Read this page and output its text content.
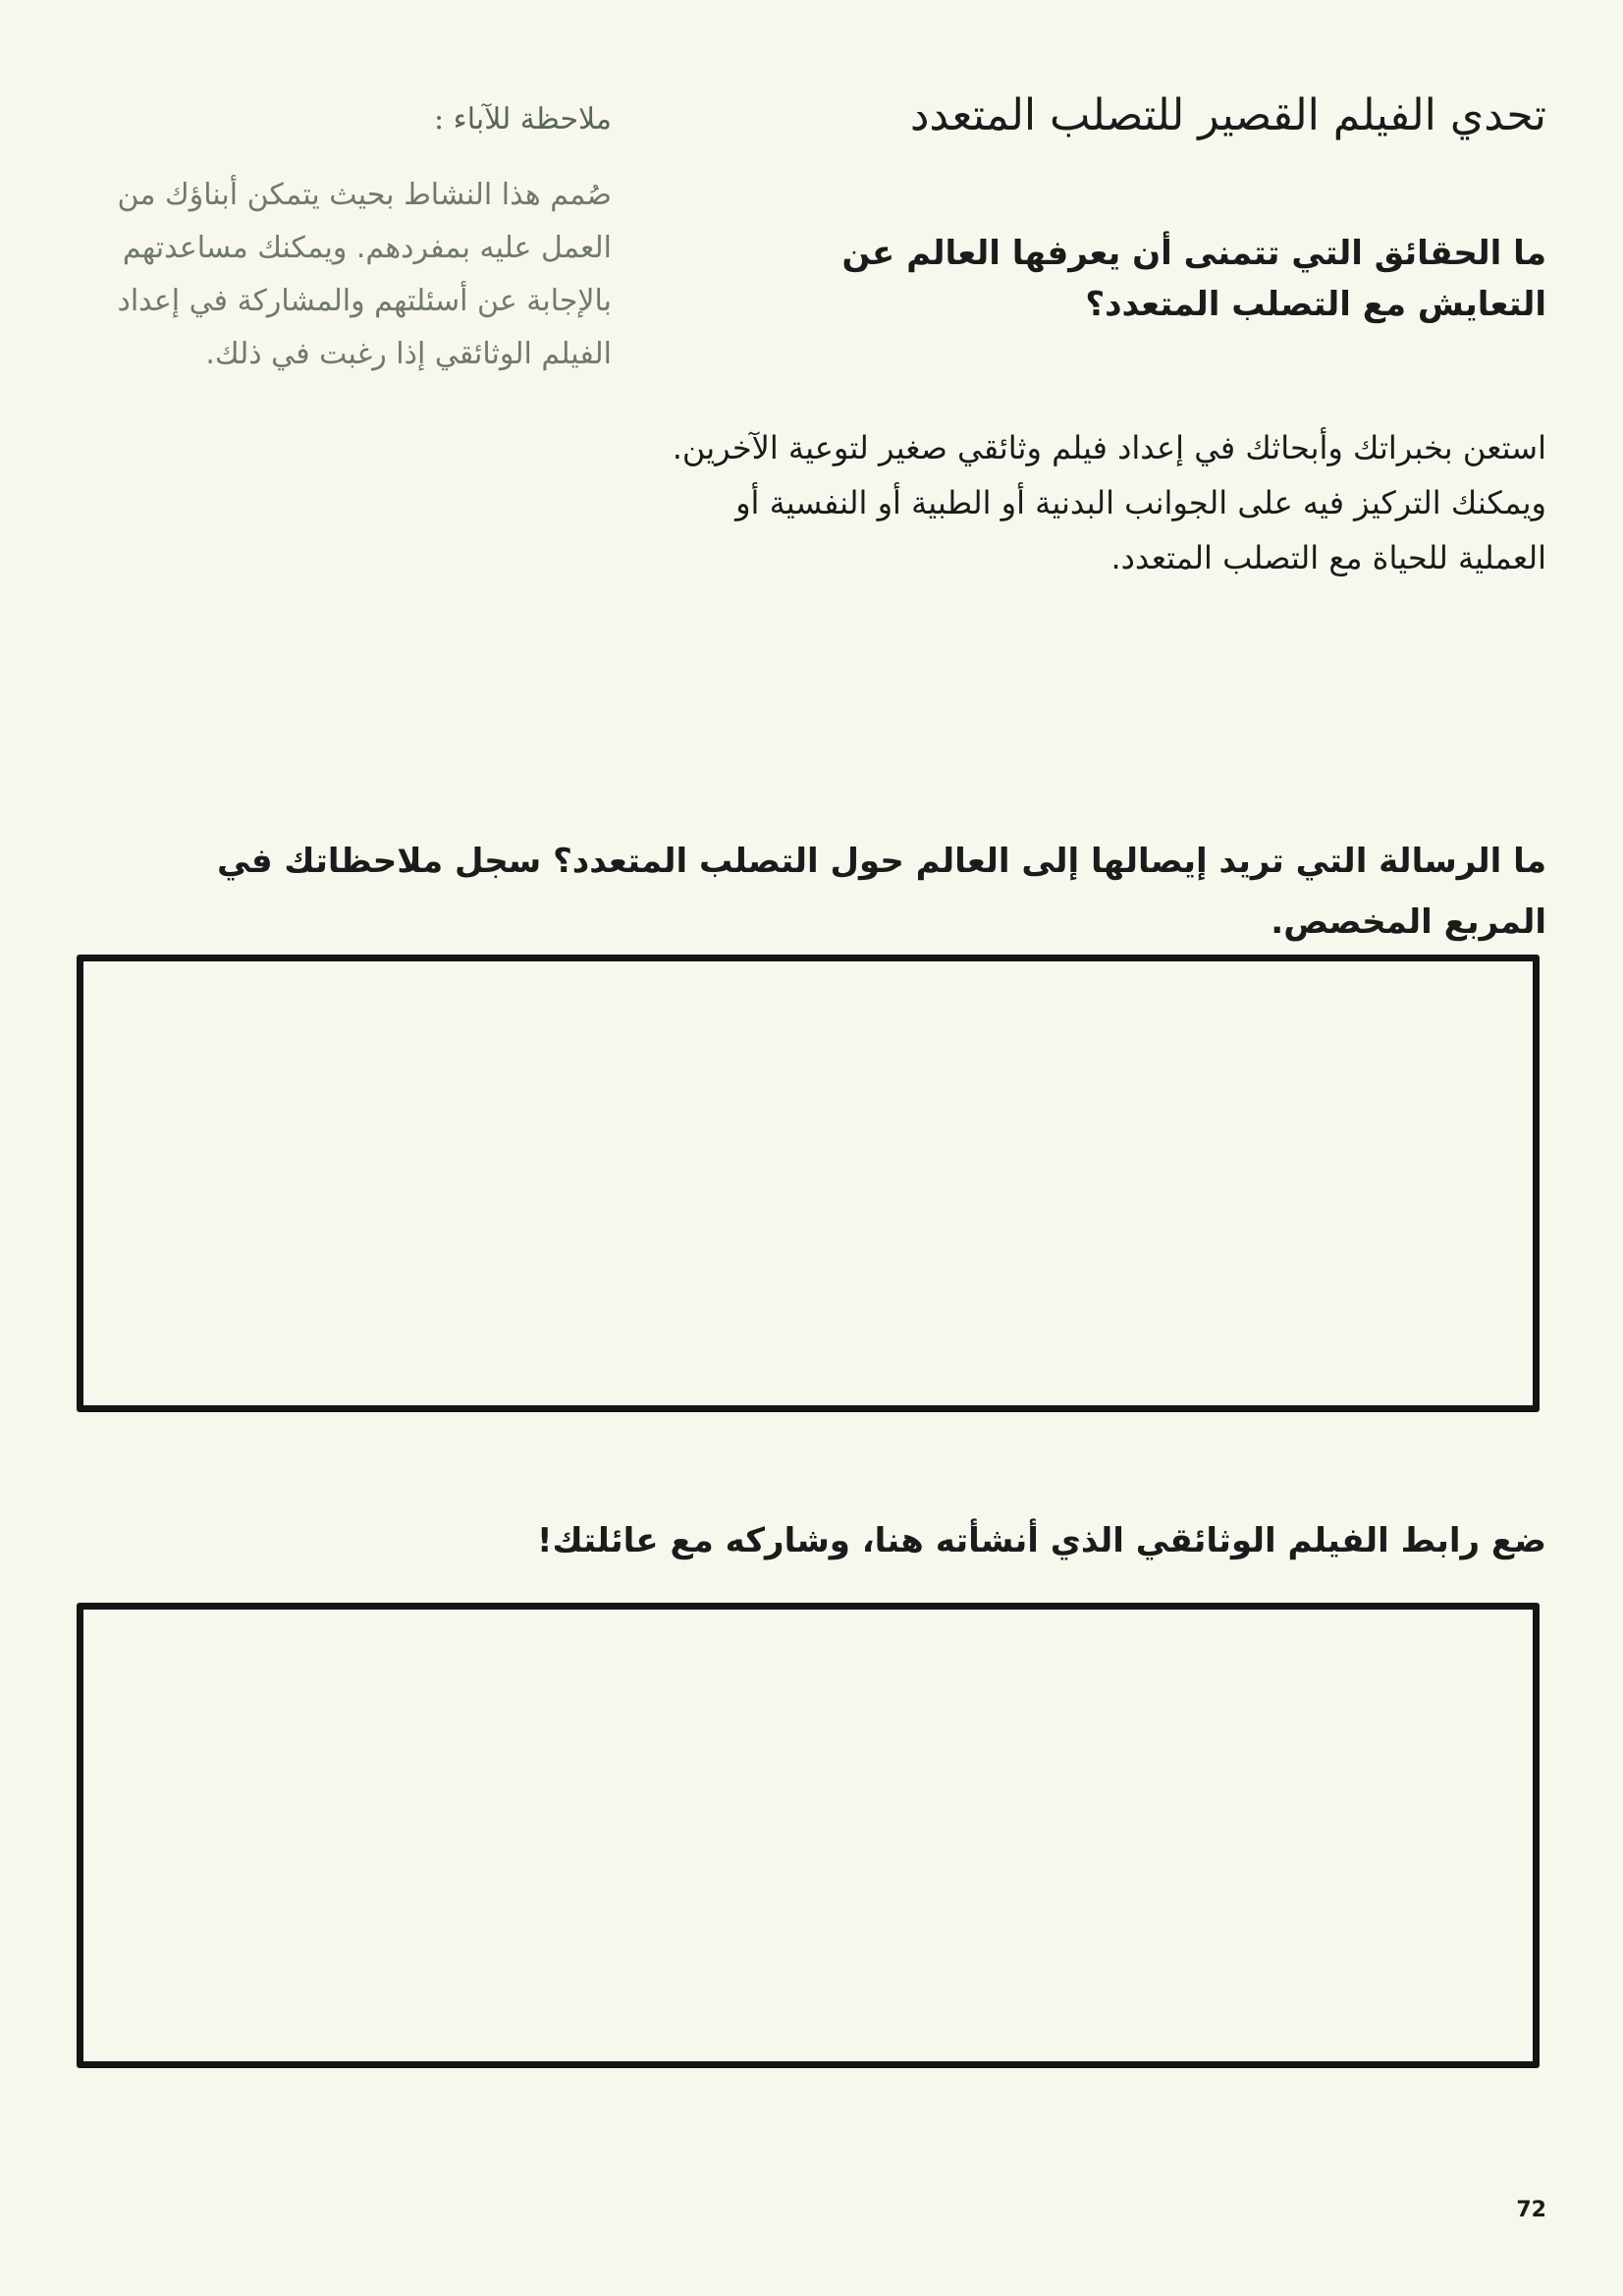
تحدي الفيلم القصير للتصلب المتعدد

ملاحظة للآباء :

صُمم هذا النشاط بحيث يتمكن أبناؤك من العمل عليه بمفردهم. ويمكنك مساعدتهم بالإجابة عن أسئلتهم والمشاركة في إعداد الفيلم الوثائقي إذا رغبت في ذلك.

ما الحقائق التي تتمنى أن يعرفها العالم عن التعايش مع التصلب المتعدد؟

استعن بخبراتك وأبحاثك في إعداد فيلم وثائقي صغير لتوعية الآخرين. ويمكنك التركيز فيه على الجوانب البدنية أو الطبية أو النفسية أو العملية للحياة مع التصلب المتعدد.

ما الرسالة التي تريد إيصالها إلى العالم حول التصلب المتعدد؟ سجل ملاحظاتك في المربع المخصص.
ضع رابط الفيلم الوثائقي الذي أنشأته هنا، وشاركه مع عائلتك!
72
